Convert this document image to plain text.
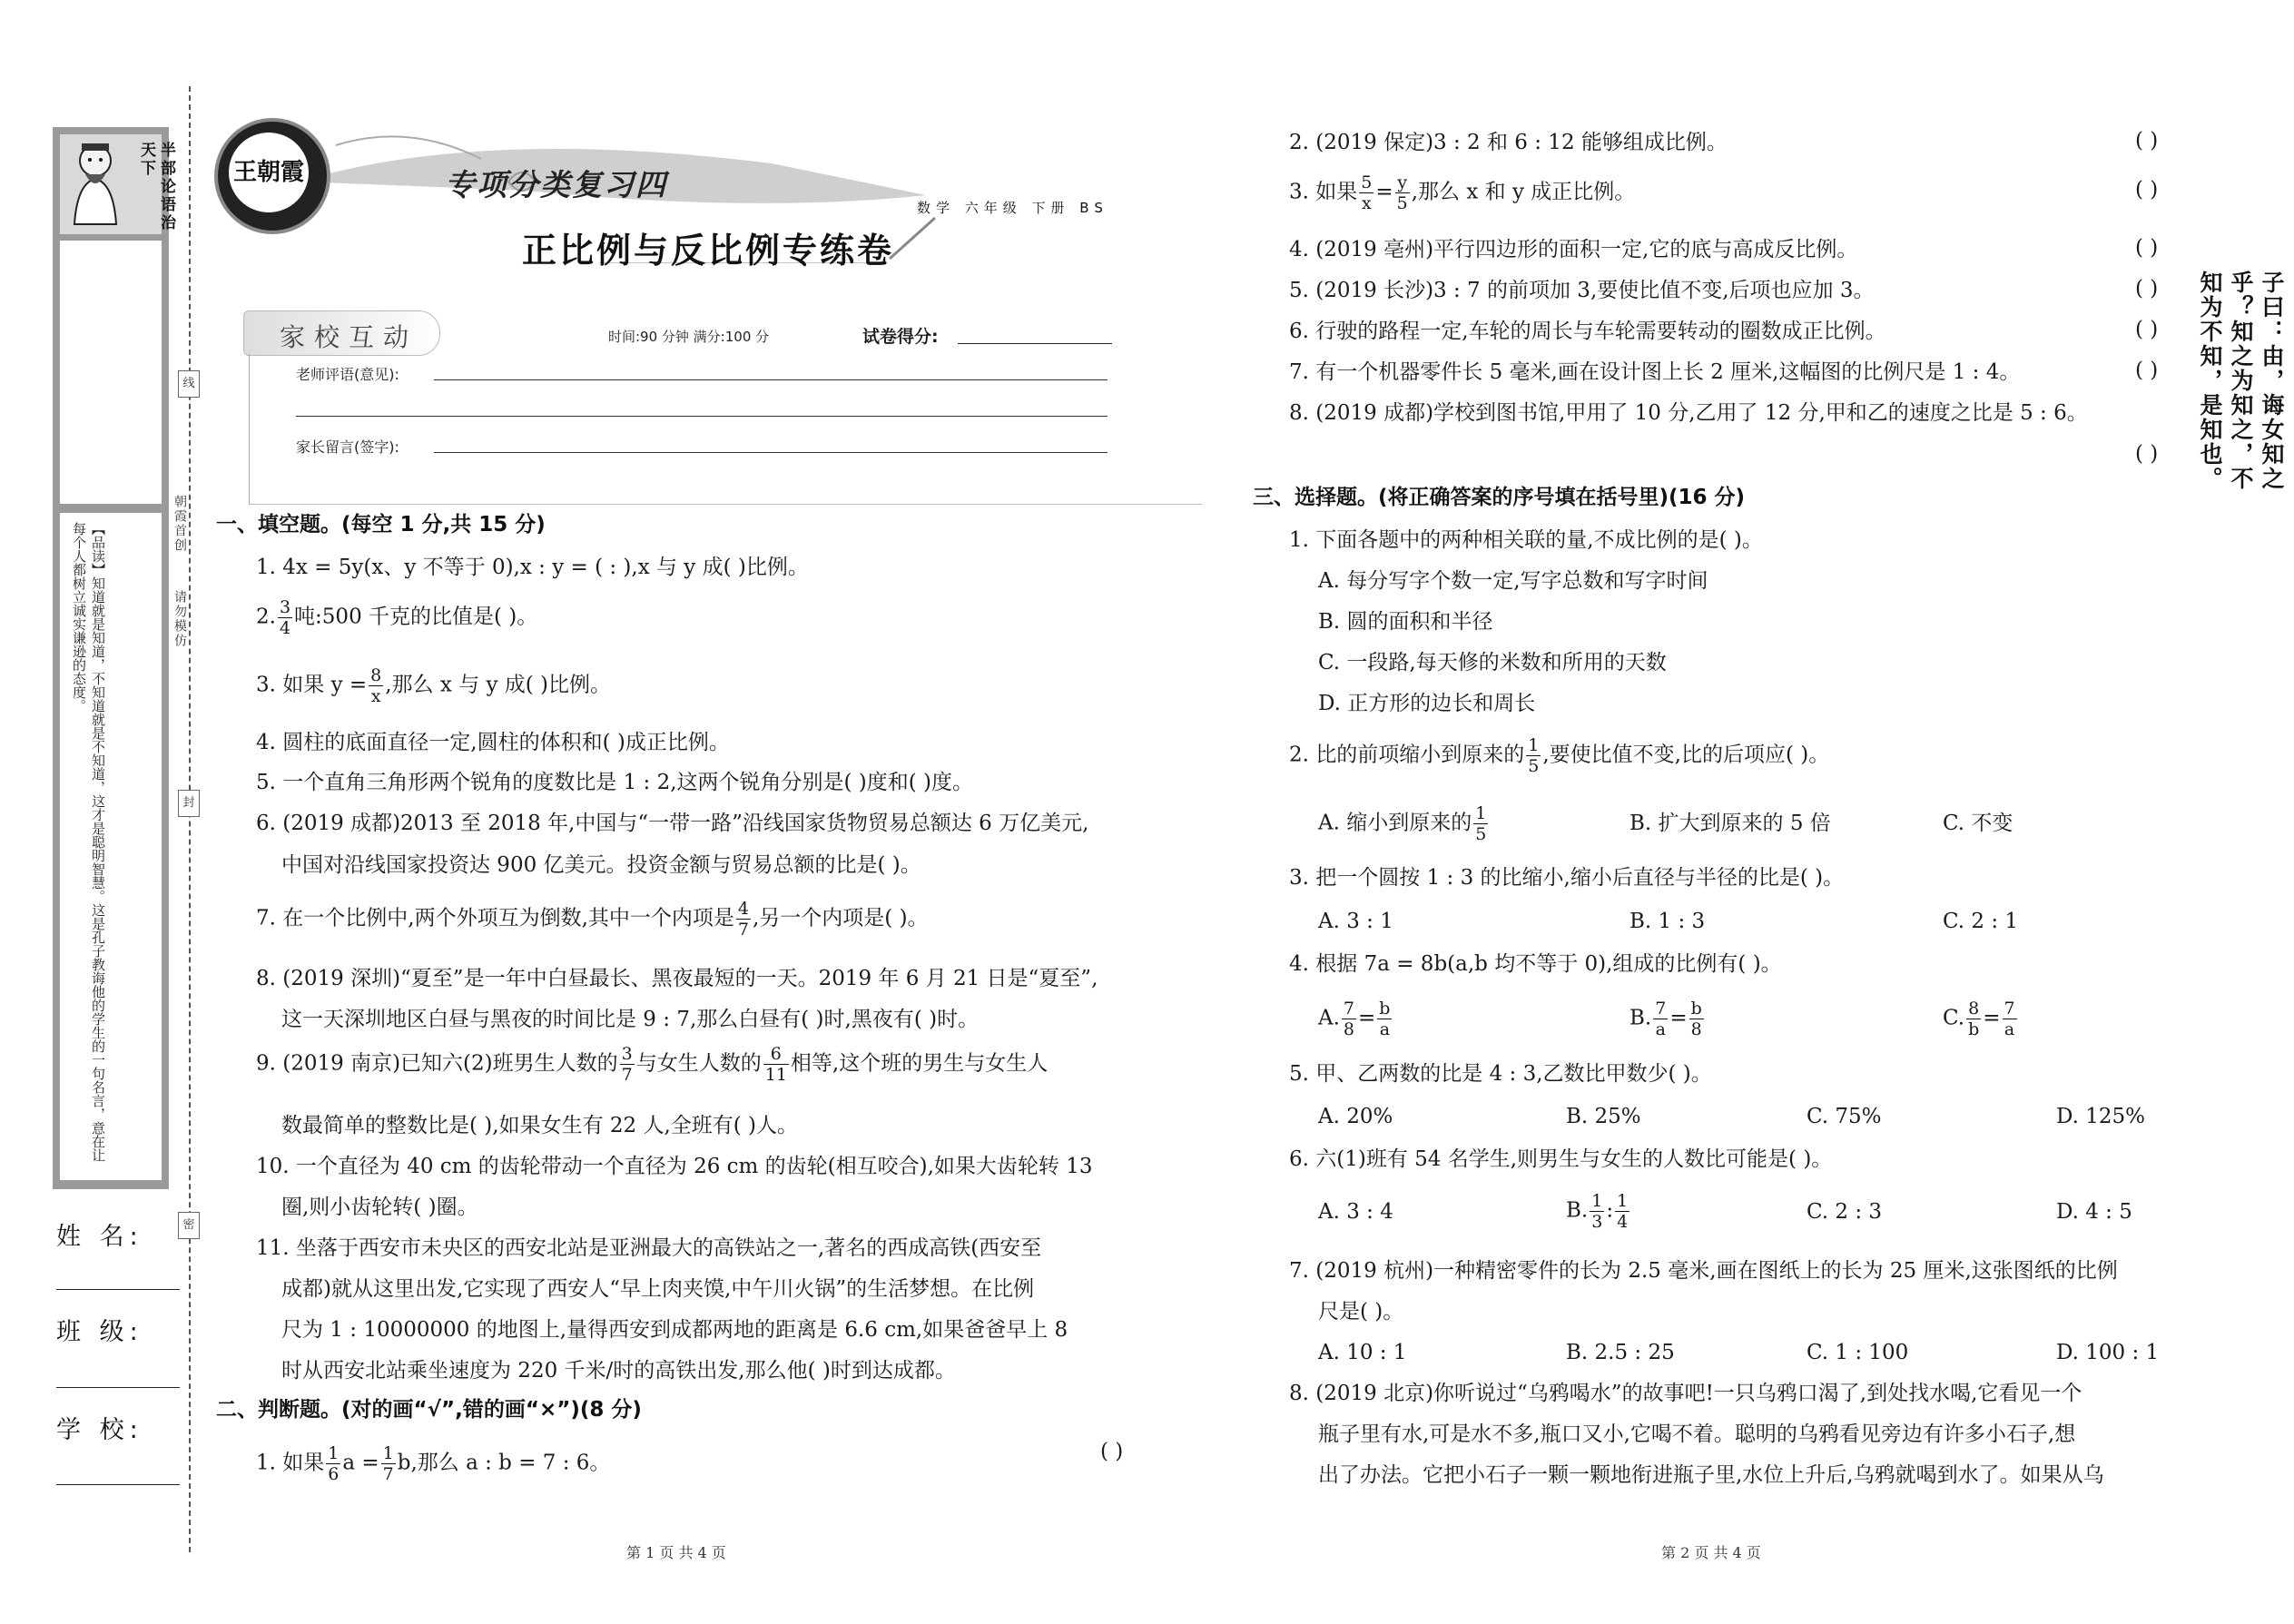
半部论语治天下
子曰：由，诲女知之乎？知之为知之，不知为不知，是知也。
【品读】知道就是知道，不知道就是不知道，这才是聪明智慧。这是孔子教诲他的学生的一句名言，意在让每个人都树立诚实谦逊的态度。
姓 名:
班 级:
学 校:
线
封
密
朝霞首创
请勿模仿
王朝霞	专项分类复习四
正比例与反比例专练卷
数学 六年级 下册 BS
家校互动	时间:90 分钟 满分:100 分	试卷得分:
老师评语(意见):
家长留言(签字):
一、填空题。(每空 1 分,共 15 分)
1. 4x = 5y(x、y 不等于 0),x : y = ( : ),x 与 y 成( )比例。
2. $\frac{3}{4}$ 吨:500 千克的比值是( )。
3. 如果 $y = \frac{8}{x}$ ,那么 x 与 y 成( )比例。
4. 圆柱的底面直径一定,圆柱的体积和( )成正比例。
5. 一个直角三角形两个锐角的度数比是 1 : 2,这两个锐角分别是( )度和( )度。
6. (2019 成都)2013 至 2018 年,中国与“一带一路”沿线国家货物贸易总额达 6 万亿美元,
中国对沿线国家投资达 900 亿美元。投资金额与贸易总额的比是( )。
7. 在一个比例中,两个外项互为倒数,其中一个内项是 $\frac{4}{7}$ ,另一个内项是( )。
8. (2019 深圳)“夏至”是一年中白昼最长、黑夜最短的一天。2019 年 6 月 21 日是“夏至”,
这一天深圳地区白昼与黑夜的时间比是 9 : 7,那么白昼有( )时,黑夜有( )时。
9. (2019 南京)已知六(2)班男生人数的 $\frac{3}{7}$ 与女生人数的 $\frac{6}{11}$ 相等,这个班的男生与女生人
数最简单的整数比是( ),如果女生有 22 人,全班有( )人。
10. 一个直径为 40 cm 的齿轮带动一个直径为 26 cm 的齿轮(相互咬合),如果大齿轮转 13
圈,则小齿轮转( )圈。
11. 坐落于西安市未央区的西安北站是亚洲最大的高铁站之一,著名的西成高铁(西安至
成都)就从这里出发,它实现了西安人“早上肉夹馍,中午川火锅”的生活梦想。在比例
尺为 1 : 10000000 的地图上,量得西安到成都两地的距离是 6.6 cm,如果爸爸早上 8
时从西安北站乘坐速度为 220 千米/时的高铁出发,那么他( )时到达成都。
二、判断题。(对的画“√”,错的画“×”)(8 分)
1. 如果 $\frac{1}{6}$ $a = \frac{1}{7} b$,那么 a : b = 7 : 6。	( )
第 1 页 共 4 页
2. (2019 保定)3 : 2 和 6 : 12 能够组成比例。	( )
3. 如果 $\frac{5}{x} = \frac{y}{5}$ ,那么 x 和 y 成正比例。	( )
4. (2019 亳州)平行四边形的面积一定,它的底与高成反比例。	( )
5. (2019 长沙)3 : 7 的前项加 3,要使比值不变,后项也应加 3。	( )
6. 行驶的路程一定,车轮的周长与车轮需要转动的圈数成正比例。	( )
7. 有一个机器零件长 5 毫米,画在设计图上长 2 厘米,这幅图的比例尺是 1 : 4。	( )
8. (2019 成都)学校到图书馆,甲用了 10 分,乙用了 12 分,甲和乙的速度之比是 5 : 6。
( )
三、选择题。(将正确答案的序号填在括号里)(16 分)
1. 下面各题中的两种相关联的量,不成比例的是( )。
A. 每分写字个数一定,写字总数和写字时间
B. 圆的面积和半径
C. 一段路,每天修的米数和所用的天数
D. 正方形的边长和周长
2. 比的前项缩小到原来的 $\frac{1}{5}$ ,要使比值不变,比的后项应( )。
A. 缩小到原来的 $\frac{1}{5}$	B. 扩大到原来的 5 倍	C. 不变
3. 把一个圆按 1 : 3 的比缩小,缩小后直径与半径的比是( )。
A. 3 : 1	B. 1 : 3	C. 2 : 1
4. 根据 7a = 8b(a,b 均不等于 0),组成的比例有( )。
A. $\frac{7}{8} = \frac{b}{a}$	B. $\frac{7}{a} = \frac{b}{8}$	C. $\frac{8}{b} = \frac{7}{a}$
5. 甲、乙两数的比是 4 : 3,乙数比甲数少( )。
A. 20%	B. 25%	C. 75%	D. 125%
6. 六(1)班有 54 名学生,则男生与女生的人数比可能是( )。
A. 3 : 4	B. $\frac{1}{3}$ : $\frac{1}{4}$	C. 2 : 3	D. 4 : 5
7. (2019 杭州)一种精密零件的长为 2.5 毫米,画在图纸上的长为 25 厘米,这张图纸的比例
尺是( )。
A. 10 : 1	B. 2.5 : 25	C. 1 : 100	D. 100 : 1
8. (2019 北京)你听说过“乌鸦喝水”的故事吧!一只乌鸦口渴了,到处找水喝,它看见一个
瓶子里有水,可是水不多,瓶口又小,它喝不着。聪明的乌鸦看见旁边有许多小石子,想
出了办法。它把小石子一颗一颗地衔进瓶子里,水位上升后,乌鸦就喝到水了。如果从乌
第 2 页 共 4 页
